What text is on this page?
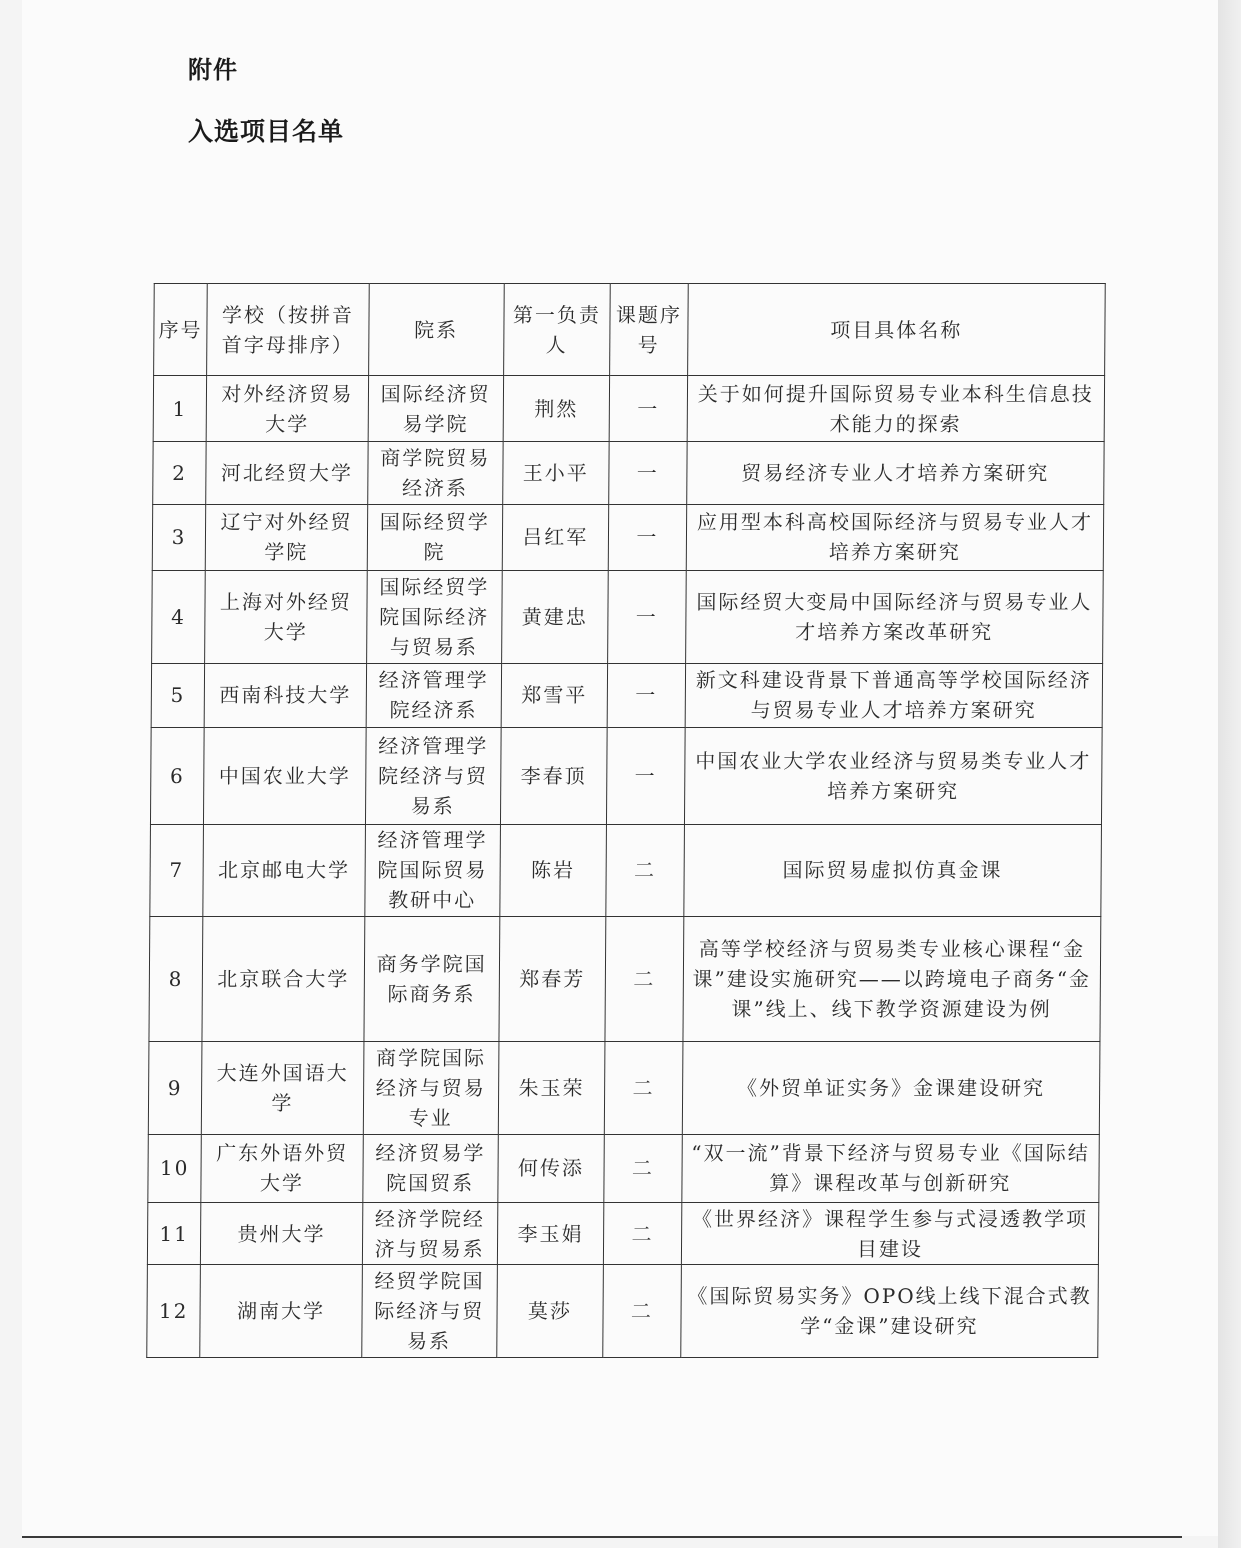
附件
入选项目名单
序号	学校（按拼音首字母排序）	院系	第一负责人	课题序号	项目具体名称
1	对外经济贸易大学	国际经济贸易学院	荆然	一	关于如何提升国际贸易专业本科生信息技术能力的探索
2	河北经贸大学	商学院贸易经济系	王小平	一	贸易经济专业人才培养方案研究
3	辽宁对外经贸学院	国际经贸学院	吕红军	一	应用型本科高校国际经济与贸易专业人才培养方案研究
4	上海对外经贸大学	国际经贸学院国际经济与贸易系	黄建忠	一	国际经贸大变局中国际经济与贸易专业人才培养方案改革研究
5	西南科技大学	经济管理学院经济系	郑雪平	一	新文科建设背景下普通高等学校国际经济与贸易专业人才培养方案研究
6	中国农业大学	经济管理学院经济与贸易系	李春顶	一	中国农业大学农业经济与贸易类专业人才培养方案研究
7	北京邮电大学	经济管理学院国际贸易教研中心	陈岩	二	国际贸易虚拟仿真金课
8	北京联合大学	商务学院国际商务系	郑春芳	二	高等学校经济与贸易类专业核心课程“金课”建设实施研究——以跨境电子商务“金课”线上、线下教学资源建设为例
9	大连外国语大学	商学院国际经济与贸易专业	朱玉荣	二	《外贸单证实务》金课建设研究
10	广东外语外贸大学	经济贸易学院国贸系	何传添	二	“双一流”背景下经济与贸易专业《国际结算》课程改革与创新研究
11	贵州大学	经济学院经济与贸易系	李玉娟	二	《世界经济》课程学生参与式浸透教学项目建设
12	湖南大学	经贸学院国际经济与贸易系	莫莎	二	《国际贸易实务》OPO线上线下混合式教学“金课”建设研究
